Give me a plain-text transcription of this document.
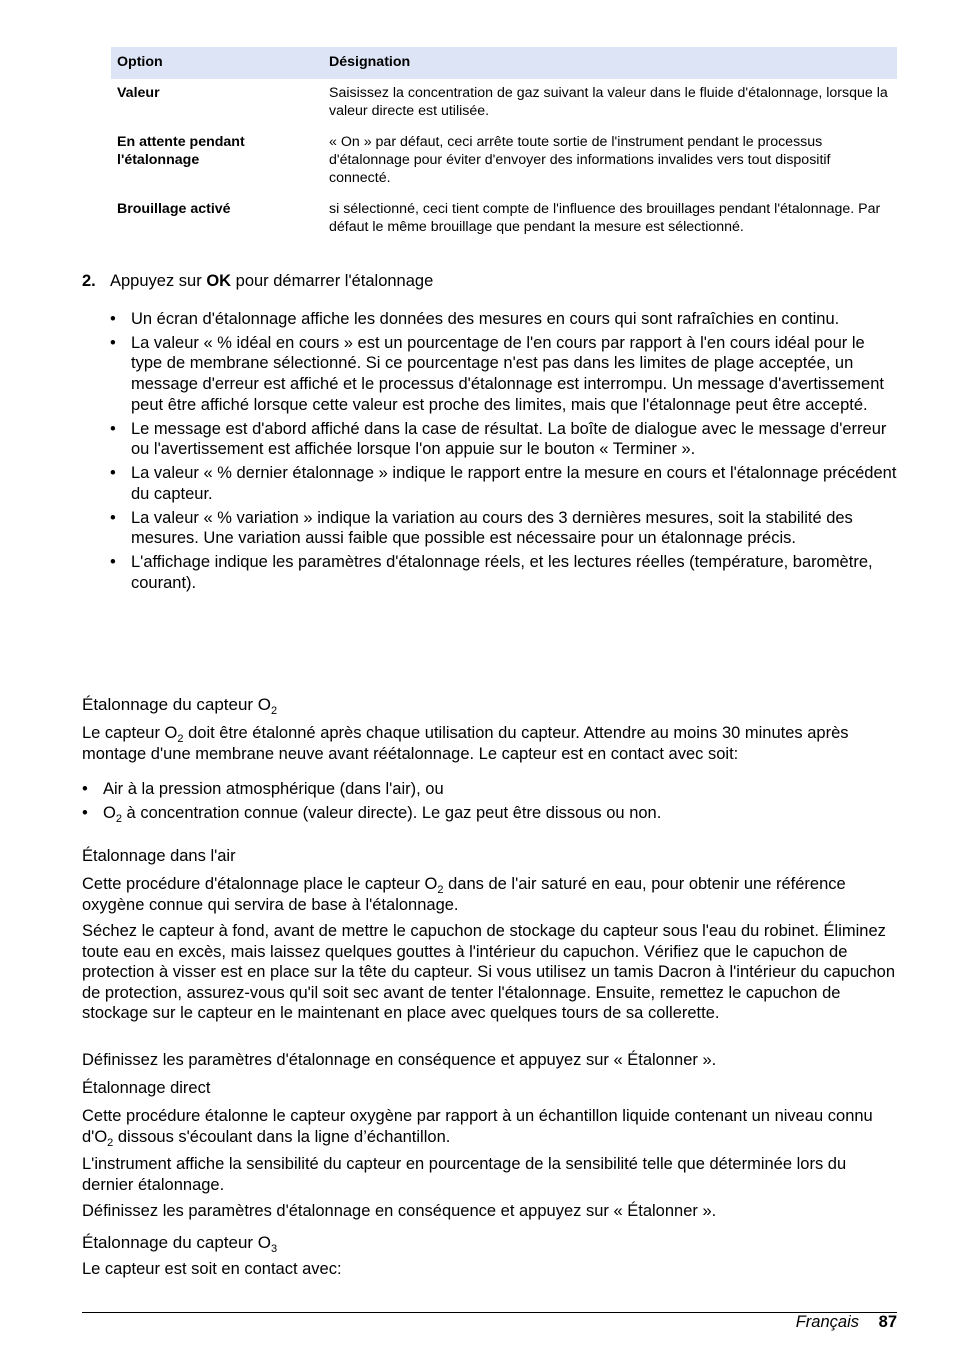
Option	Désignation
Valeur	Saisissez la concentration de gaz suivant la valeur dans le fluide d'étalonnage, lorsque la valeur directe est utilisée.
En attente pendant l'étalonnage	« On » par défaut, ceci arrête toute sortie de l'instrument pendant le processus d'étalonnage pour éviter d'envoyer des informations invalides vers tout dispositif connecté.
Brouillage activé	si sélectionné, ceci tient compte de l'influence des brouillages pendant l'étalonnage. Par défaut le même brouillage que pendant la mesure est sélectionné.
2. Appuyez sur OK pour démarrer l'étalonnage
• Un écran d'étalonnage affiche les données des mesures en cours qui sont rafraîchies en continu.
• La valeur « % idéal en cours » est un pourcentage de l'en cours par rapport à l'en cours idéal pour le type de membrane sélectionné. Si ce pourcentage n'est pas dans les limites de plage acceptée, un message d'erreur est affiché et le processus d'étalonnage est interrompu. Un message d'avertissement peut être affiché lorsque cette valeur est proche des limites, mais que l'étalonnage peut être accepté.
• Le message est d'abord affiché dans la case de résultat. La boîte de dialogue avec le message d'erreur ou l'avertissement est affichée lorsque l'on appuie sur le bouton « Terminer ».
• La valeur « % dernier étalonnage » indique le rapport entre la mesure en cours et l'étalonnage précédent du capteur.
• La valeur « % variation » indique la variation au cours des 3 dernières mesures, soit la stabilité des mesures. Une variation aussi faible que possible est nécessaire pour un étalonnage précis.
• L'affichage indique les paramètres d'étalonnage réels, et les lectures réelles (température, baromètre, courant).
Étalonnage du capteur $O_2$
Le capteur $O_2$ doit être étalonné après chaque utilisation du capteur. Attendre au moins 30 minutes après montage d'une membrane neuve avant réétalonnage. Le capteur est en contact avec soit:
• Air à la pression atmosphérique (dans l'air), ou
• $O_2$ à concentration connue (valeur directe). Le gaz peut être dissous ou non.
Étalonnage dans l'air
Cette procédure d'étalonnage place le capteur $O_2$ dans de l'air saturé en eau, pour obtenir une référence oxygène connue qui servira de base à l'étalonnage.
Séchez le capteur à fond, avant de mettre le capuchon de stockage du capteur sous l'eau du robinet. Éliminez toute eau en excès, mais laissez quelques gouttes à l'intérieur du capuchon. Vérifiez que le capuchon de protection à visser est en place sur la tête du capteur. Si vous utilisez un tamis Dacron à l'intérieur du capuchon de protection, assurez-vous qu'il soit sec avant de tenter l'étalonnage. Ensuite, remettez le capuchon de stockage sur le capteur en le maintenant en place avec quelques tours de sa collerette.
Définissez les paramètres d'étalonnage en conséquence et appuyez sur « Étalonner ».
Étalonnage direct
Cette procédure étalonne le capteur oxygène par rapport à un échantillon liquide contenant un niveau connu $d'O_2$ dissous s'écoulant dans la ligne d’échantillon.
L'instrument affiche la sensibilité du capteur en pourcentage de la sensibilité telle que déterminée lors du dernier étalonnage.
Définissez les paramètres d'étalonnage en conséquence et appuyez sur « Étalonner ».
Étalonnage du capteur $O_3$
Le capteur est soit en contact avec:
Français 87
